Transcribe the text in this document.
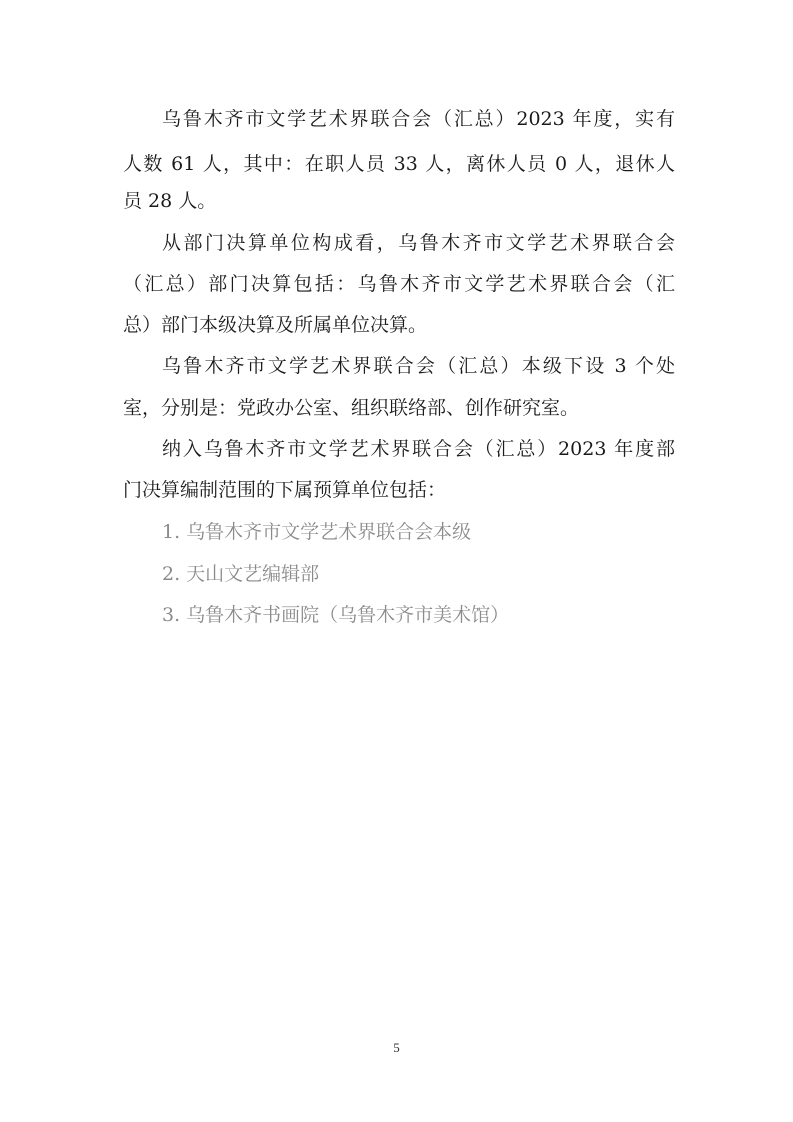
乌鲁木齐市文学艺术界联合会（汇总）2023 年度，实有
人数 61 人，其中：在职人员 33 人，离休人员 0 人，退休人
员 28 人。
从部门决算单位构成看，乌鲁木齐市文学艺术界联合会
（汇总）部门决算包括：乌鲁木齐市文学艺术界联合会（汇
总）部门本级决算及所属单位决算。
乌鲁木齐市文学艺术界联合会（汇总）本级下设 3 个处
室，分别是：党政办公室、组织联络部、创作研究室。
纳入乌鲁木齐市文学艺术界联合会（汇总）2023 年度部
门决算编制范围的下属预算单位包括：
1. 乌鲁木齐市文学艺术界联合会本级
2. 天山文艺编辑部
3. 乌鲁木齐书画院（乌鲁木齐市美术馆）
5
